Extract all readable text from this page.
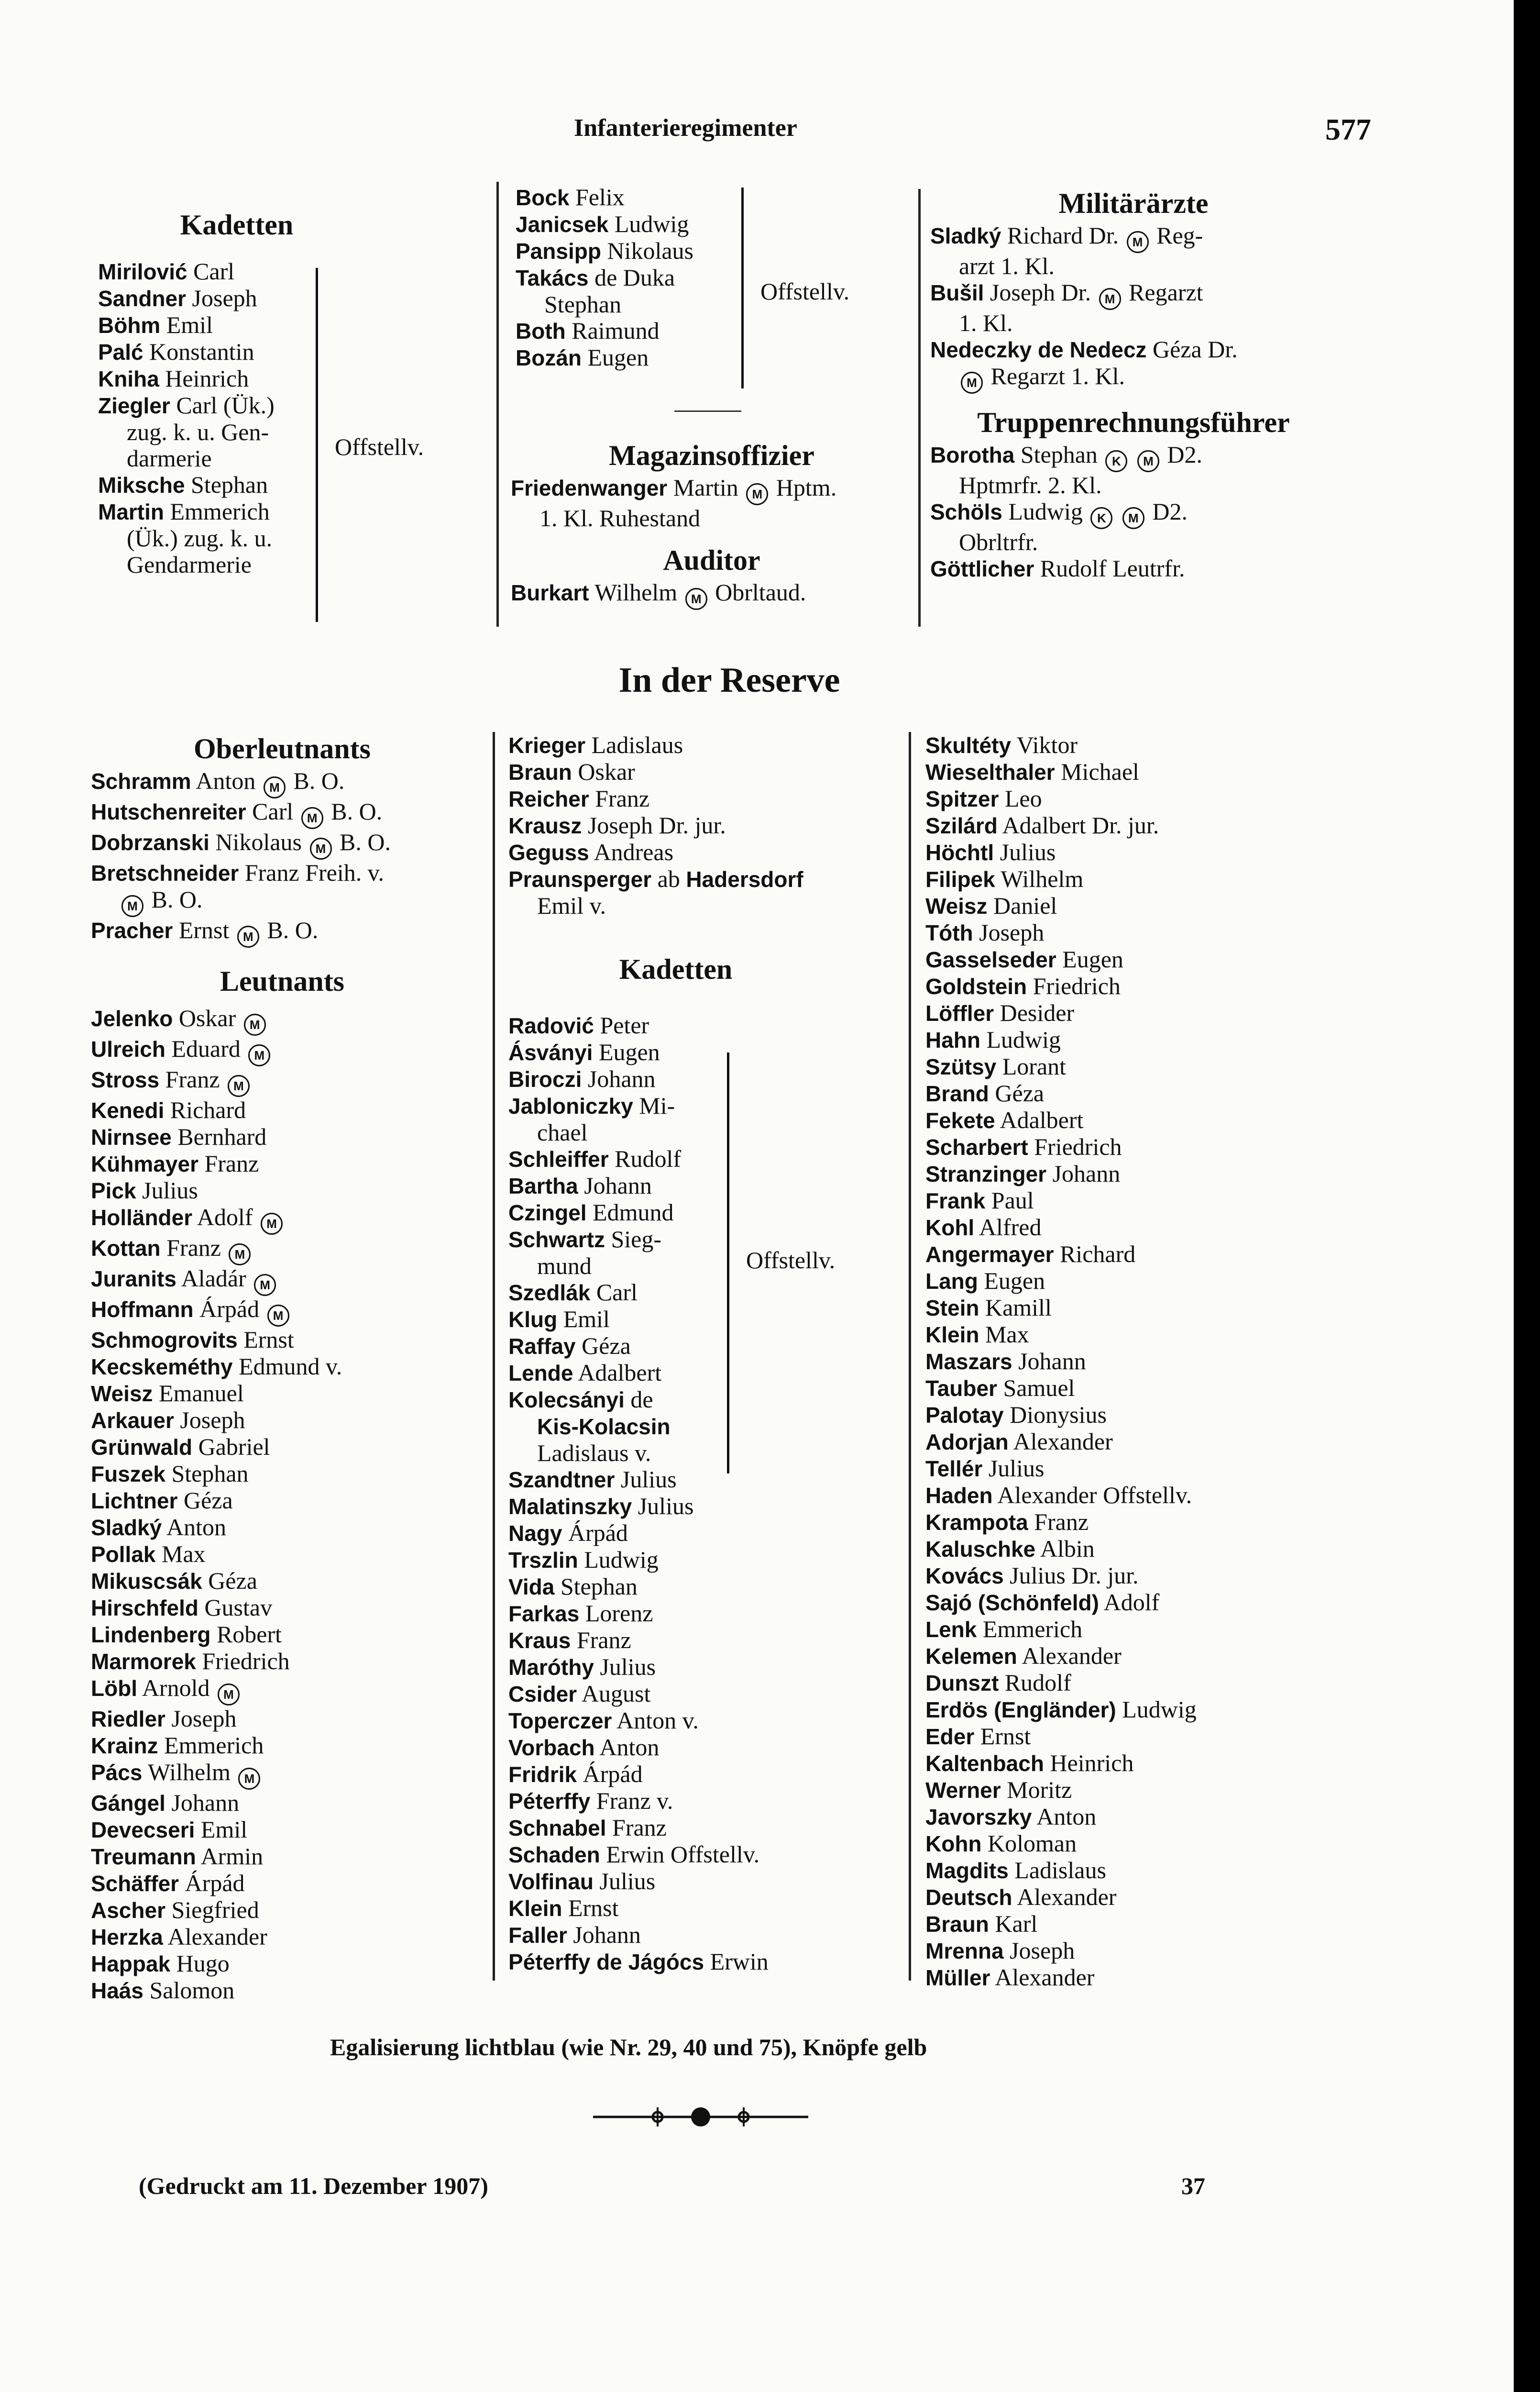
Infanterieregimenter	577
Kadetten
Mirilović Carl
Sandner Joseph
Böhm Emil
Palć Konstantin
Kniha Heinrich
Ziegler Carl (Ük.)
zug. k. u. Gen-
darmerie
Miksche Stephan
Martin Emmerich
(Ük.) zug. k. u.
Gendarmerie
Offstellv.
Bock Felix
Janicsek Ludwig
Pansipp Nikolaus
Takács de Duka
Stephan
Both Raimund
Bozán Eugen
Offstellv.
Magazinsoffizier
Friedenwanger Martin M Hptm.
1. Kl. Ruhestand
Auditor
Burkart Wilhelm M Obrltaud.
Militärärzte
Sladký Richard Dr. M Reg-
arzt 1. Kl.
Bušil Joseph Dr. M Regarzt
1. Kl.
Nedeczky de Nedecz Géza Dr.
M Regarzt 1. Kl.
Truppenrechnungsführer
Borotha Stephan K M D2.
Hptmrfr. 2. Kl.
Schöls Ludwig K M D2.
Obrltrfr.
Göttlicher Rudolf Leutrfr.
In der Reserve
Oberleutnants
Schramm Anton M B. O.
Hutschenreiter Carl M B. O.
Dobrzanski Nikolaus M B. O.
Bretschneider Franz Freih. v.
M B. O.
Pracher Ernst M B. O.
Leutnants
Jelenko Oskar M
Ulreich Eduard M
Stross Franz M
Kenedi Richard
Nirnsee Bernhard
Kühmayer Franz
Pick Julius
Holländer Adolf M
Kottan Franz M
Juranits Aladár M
Hoffmann Árpád M
Schmogrovits Ernst
Kecskeméthy Edmund v.
Weisz Emanuel
Arkauer Joseph
Grünwald Gabriel
Fuszek Stephan
Lichtner Géza
Sladký Anton
Pollak Max
Mikuscsák Géza
Hirschfeld Gustav
Lindenberg Robert
Marmorek Friedrich
Löbl Arnold M
Riedler Joseph
Krainz Emmerich
Pács Wilhelm M
Gángel Johann
Devecseri Emil
Treumann Armin
Schäffer Árpád
Ascher Siegfried
Herzka Alexander
Happak Hugo
Haás Salomon
Krieger Ladislaus
Braun Oskar
Reicher Franz
Krausz Joseph Dr. jur.
Geguss Andreas
Praunsperger ab Hadersdorf
Emil v.
Kadetten
Radović Peter
Ásványi Eugen
Biroczi Johann
Jabloniczky Mi-
chael
Schleiffer Rudolf
Bartha Johann
Czingel Edmund
Schwartz Sieg-
mund
Szedlák Carl
Klug Emil
Raffay Géza
Lende Adalbert
Kolecsányi de
Kis-Kolacsin
Ladislaus v.
Szandtner Julius
Malatinszky Julius
Nagy Árpád
Trszlin Ludwig
Vida Stephan
Farkas Lorenz
Kraus Franz
Maróthy Julius
Csider August
Toperczer Anton v.
Vorbach Anton
Fridrik Árpád
Péterffy Franz v.
Schnabel Franz
Schaden Erwin Offstellv.
Volfinau Julius
Klein Ernst
Faller Johann
Péterffy de Jágócs Erwin
Offstellv.
Skultéty Viktor
Wieselthaler Michael
Spitzer Leo
Szilárd Adalbert Dr. jur.
Höchtl Julius
Filipek Wilhelm
Weisz Daniel
Tóth Joseph
Gasselseder Eugen
Goldstein Friedrich
Löffler Desider
Hahn Ludwig
Szütsy Lorant
Brand Géza
Fekete Adalbert
Scharbert Friedrich
Stranzinger Johann
Frank Paul
Kohl Alfred
Angermayer Richard
Lang Eugen
Stein Kamill
Klein Max
Maszars Johann
Tauber Samuel
Palotay Dionysius
Adorjan Alexander
Tellér Julius
Haden Alexander Offstellv.
Krampota Franz
Kaluschke Albin
Kovács Julius Dr. jur.
Sajó (Schönfeld) Adolf
Lenk Emmerich
Kelemen Alexander
Dunszt Rudolf
Erdös (Engländer) Ludwig
Eder Ernst
Kaltenbach Heinrich
Werner Moritz
Javorszky Anton
Kohn Koloman
Magdits Ladislaus
Deutsch Alexander
Braun Karl
Mrenna Joseph
Müller Alexander
Egalisierung lichtblau (wie Nr. 29, 40 und 75), Knöpfe gelb
(Gedruckt am 11. Dezember 1907)	37
